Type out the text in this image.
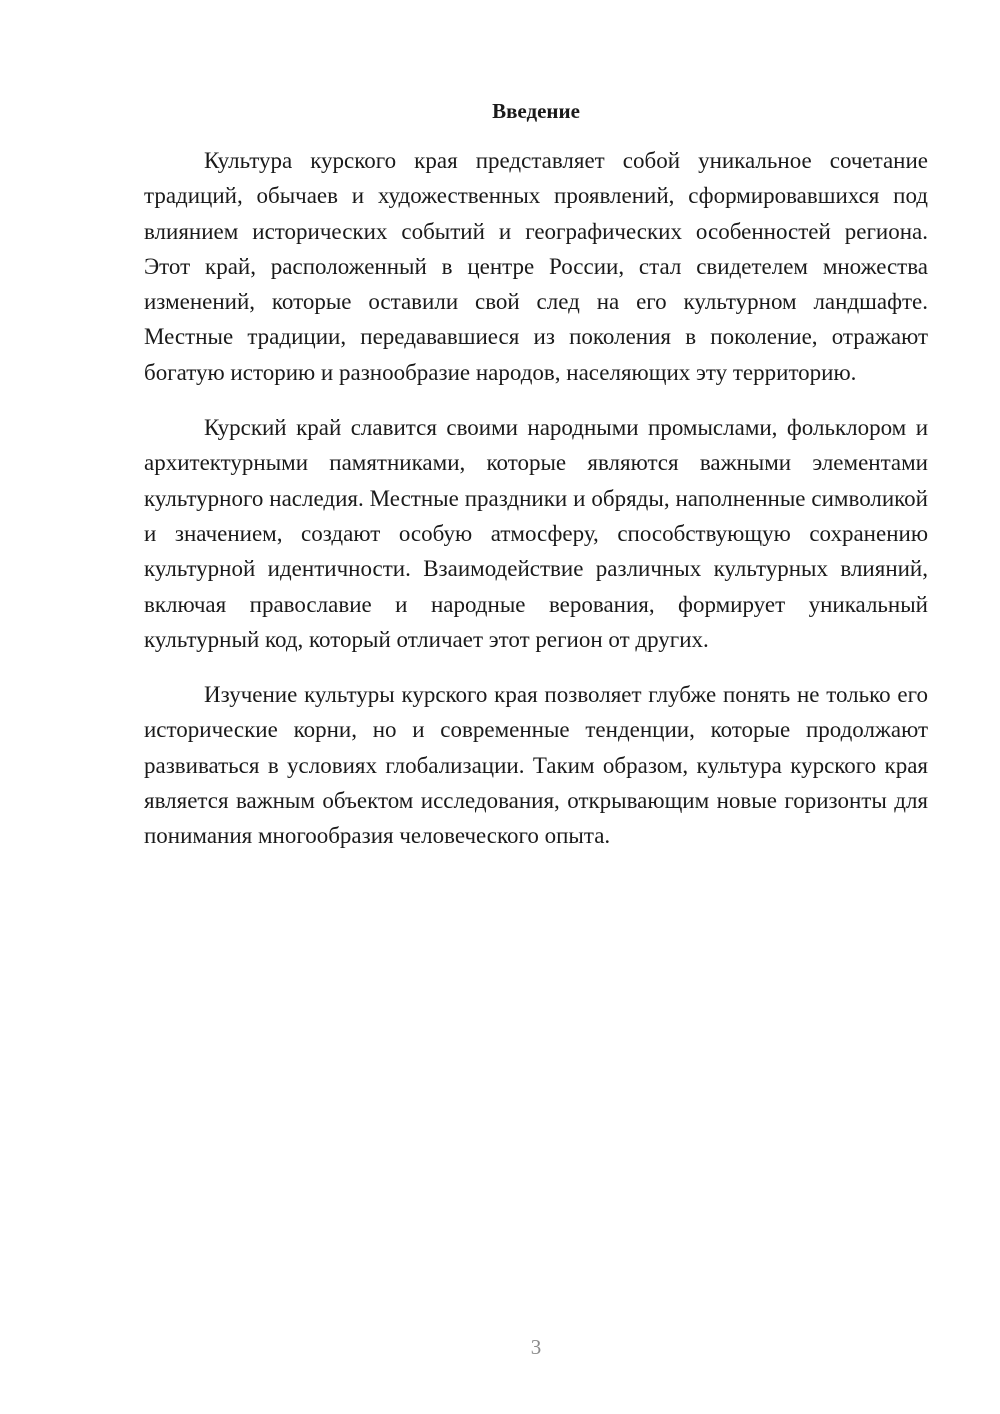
Введение

Культура курского края представляет собой уникальное сочетание традиций, обычаев и художественных проявлений, сформировавшихся под влиянием исторических событий и географических особенностей региона. Этот край, расположенный в центре России, стал свидетелем множества изменений, которые оставили свой след на его культурном ландшафте. Местные традиции, передававшиеся из поколения в поколение, отражают богатую историю и разнообразие народов, населяющих эту территорию.

Курский край славится своими народными промыслами, фольклором и архитектурными памятниками, которые являются важными элементами культурного наследия. Местные праздники и обряды, наполненные символикой и значением, создают особую атмосферу, способствующую сохранению культурной идентичности. Взаимодействие различных культурных влияний, включая православие и народные верования, формирует уникальный культурный код, который отличает этот регион от других.

Изучение культуры курского края позволяет глубже понять не только его исторические корни, но и современные тенденции, которые продолжают развиваться в условиях глобализации. Таким образом, культура курского края является важным объектом исследования, открывающим новые горизонты для понимания многообразия человеческого опыта.

3
